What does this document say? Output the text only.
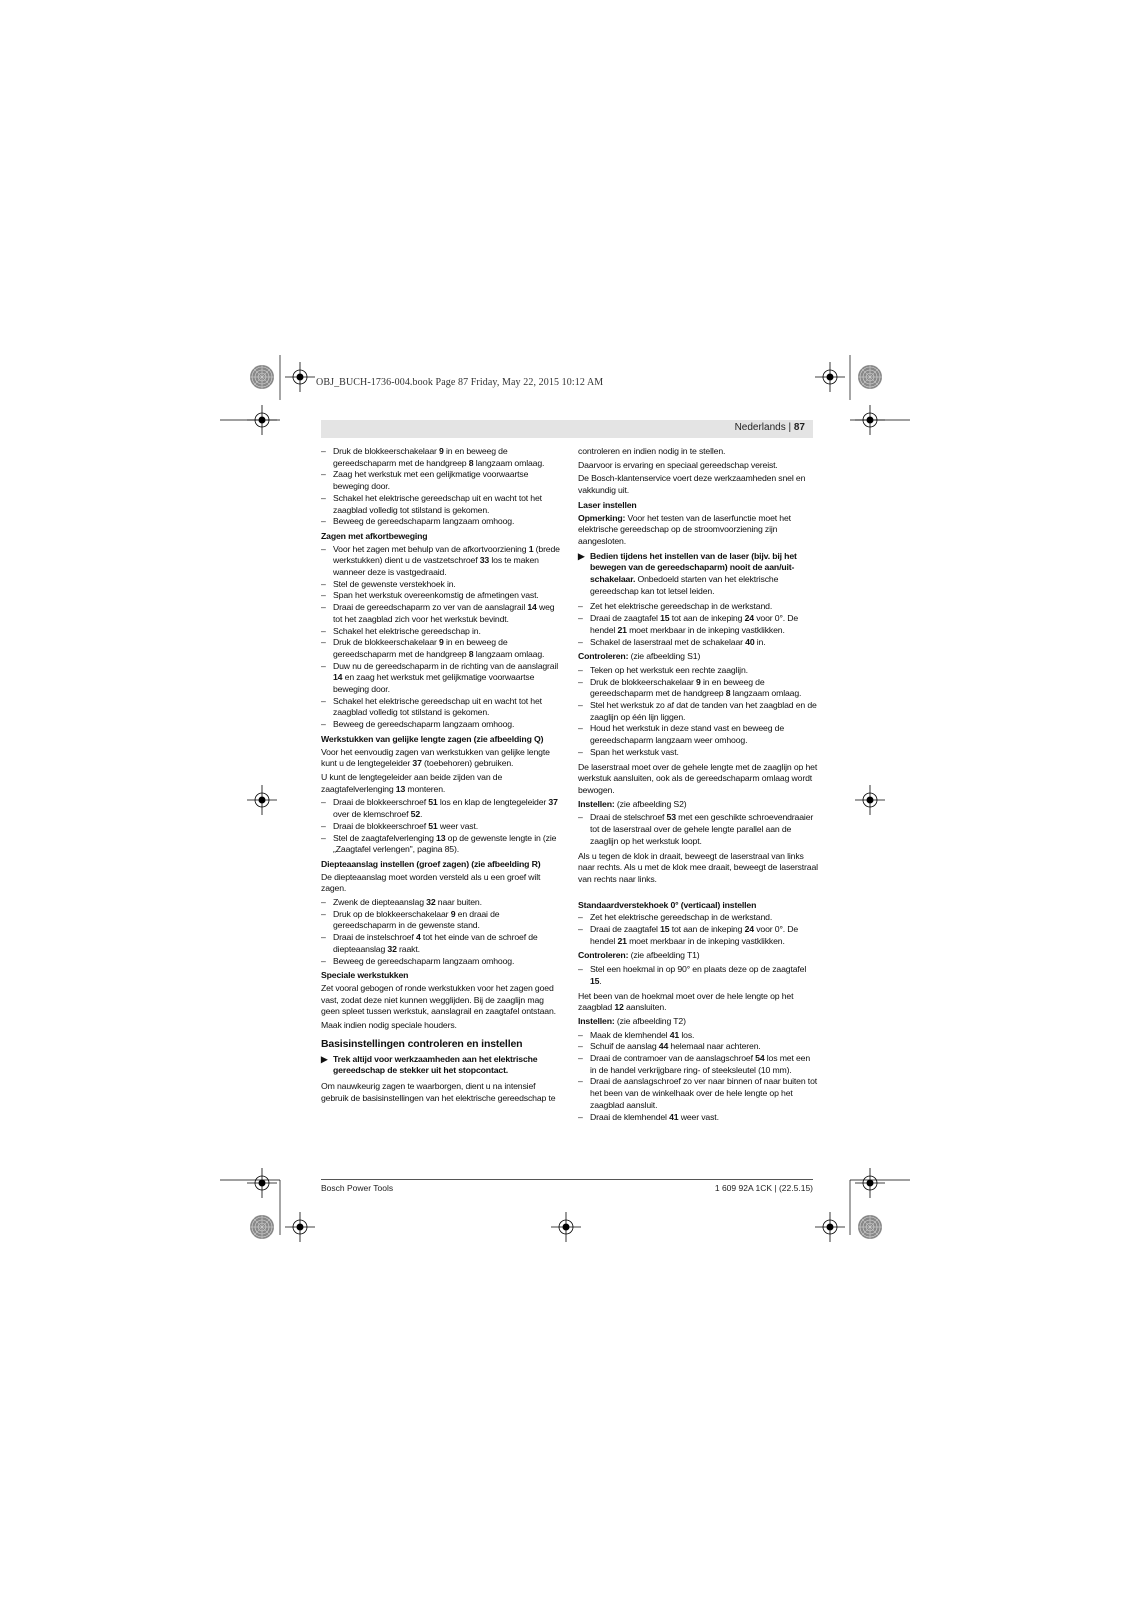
OBJ_BUCH-1736-004.book Page 87 Friday, May 22, 2015 10:12 AM
Nederlands | 87
– Druk de blokkeerschakelaar 9 in en beweeg de gereedschaparm met de handgreep 8 langzaam omlaag.
– Zaag het werkstuk met een gelijkmatige voorwaartse beweging door.
– Schakel het elektrische gereedschap uit en wacht tot het zaagblad volledig tot stilstand is gekomen.
– Beweeg de gereedschaparm langzaam omhoog.
Zagen met afkortbeweging
– Voor het zagen met behulp van de afkortvoorziening 1 (brede werkstukken) dient u de vastzetschroef 33 los te maken wanneer deze is vastgedraaid.
– Stel de gewenste verstekhoek in.
– Span het werkstuk overeenkomstig de afmetingen vast.
– Draai de gereedschaparm zo ver van de aanslagrail 14 weg tot het zaagblad zich voor het werkstuk bevindt.
– Schakel het elektrische gereedschap in.
– Druk de blokkeerschakelaar 9 in en beweeg de gereedschaparm met de handgreep 8 langzaam omlaag.
– Duw nu de gereedschaparm in de richting van de aanslagrail 14 en zaag het werkstuk met gelijkmatige voorwaartse beweging door.
– Schakel het elektrische gereedschap uit en wacht tot het zaagblad volledig tot stilstand is gekomen.
– Beweeg de gereedschaparm langzaam omhoog.
Werkstukken van gelijke lengte zagen (zie afbeelding Q)

Voor het eenvoudig zagen van werkstukken van gelijke lengte kunt u de lengtegeleider 37 (toebehoren) gebruiken.

U kunt de lengtegeleider aan beide zijden van de zaagtafelverlenging 13 monteren.

– Draai de blokkeerschroef 51 los en klap de lengtegeleider 37 over de klemschroef 52.
– Draai de blokkeerschroef 51 weer vast.
– Stel de zaagtafelverlenging 13 op de gewenste lengte in (zie „Zaagtafel verlengen", pagina 85).
Diepteaanslag instellen (groef zagen) (zie afbeelding R)

De diepteaanslag moet worden versteld als u een groef wilt zagen.

– Zwenk de diepteaanslag 32 naar buiten.
– Druk op de blokkeerschakelaar 9 en draai de gereedschaparm in de gewenste stand.
– Draai de instelschroef 4 tot het einde van de schroef de diepteaanslag 32 raakt.
– Beweeg de gereedschaparm langzaam omhoog.
Speciale werkstukken

Zet vooral gebogen of ronde werkstukken voor het zagen goed vast, zodat deze niet kunnen wegglijden. Bij de zaaglijn mag geen spleet tussen werkstuk, aanslagrail en zaagtafel ontstaan.

Maak indien nodig speciale houders.

Basisinstellingen controleren en instellen
▶ Trek altijd voor werkzaamheden aan het elektrische gereedschap de stekker uit het stopcontact.

Om nauwkeurig zagen te waarborgen, dient u na intensief gebruik de basisinstellingen van het elektrische gereedschap te

controleren en indien nodig in te stellen.

Daarvoor is ervaring en speciaal gereedschap vereist.

De Bosch-klantenservice voert deze werkzaamheden snel en vakkundig uit.

Laser instellen

Opmerking: Voor het testen van de laserfunctie moet het elektrische gereedschap op de stroomvoorziening zijn aangesloten.

▶ Bedien tijdens het instellen van de laser (bijv. bij het bewegen van de gereedschaparm) nooit de aan/uit-schakelaar. Onbedoeld starten van het elektrische gereedschap kan tot letsel leiden.
– Zet het elektrische gereedschap in de werkstand.
– Draai de zaagtafel 15 tot aan de inkeping 24 voor 0°. De hendel 21 moet merkbaar in de inkeping vastklikken.
– Schakel de laserstraal met de schakelaar 40 in.

Controleren: (zie afbeelding S1)

– Teken op het werkstuk een rechte zaaglijn.
– Druk de blokkeerschakelaar 9 in en beweeg de gereedschaparm met de handgreep 8 langzaam omlaag.
– Stel het werkstuk zo af dat de tanden van het zaagblad en de zaaglijn op één lijn liggen.
– Houd het werkstuk in deze stand vast en beweeg de gereedschaparm langzaam weer omhoog.
– Span het werkstuk vast.

De laserstraal moet over de gehele lengte met de zaaglijn op het werkstuk aansluiten, ook als de gereedschaparm omlaag wordt bewogen.

Instellen: (zie afbeelding S2)

– Draai de stelschroef 53 met een geschikte schroevendraaier tot de laserstraal over de gehele lengte parallel aan de zaaglijn op het werkstuk loopt.

Als u tegen de klok in draait, beweegt de laserstraal van links naar rechts. Als u met de klok mee draait, beweegt de laserstraal van rechts naar links.

Standaardverstekhoek 0° (verticaal) instellen
– Zet het elektrische gereedschap in de werkstand.
– Draai de zaagtafel 15 tot aan de inkeping 24 voor 0°. De hendel 21 moet merkbaar in de inkeping vastklikken.

Controleren: (zie afbeelding T1)

– Stel een hoekmal in op 90° en plaats deze op de zaagtafel 15.

Het been van de hoekmal moet over de hele lengte op het zaagblad 12 aansluiten.

Instellen: (zie afbeelding T2)

– Maak de klemhendel 41 los.
– Schuif de aanslag 44 helemaal naar achteren.
– Draai de contramoer van de aanslagschroef 54 los met een in de handel verkrijgbare ring- of steeksleutel (10 mm).
– Draai de aanslagschroef zo ver naar binnen of naar buiten tot het been van de winkelhaak over de hele lengte op het zaagblad aansluit.
– Draai de klemhendel 41 weer vast.
Bosch Power Tools	1 609 92A 1CK | (22.5.15)
